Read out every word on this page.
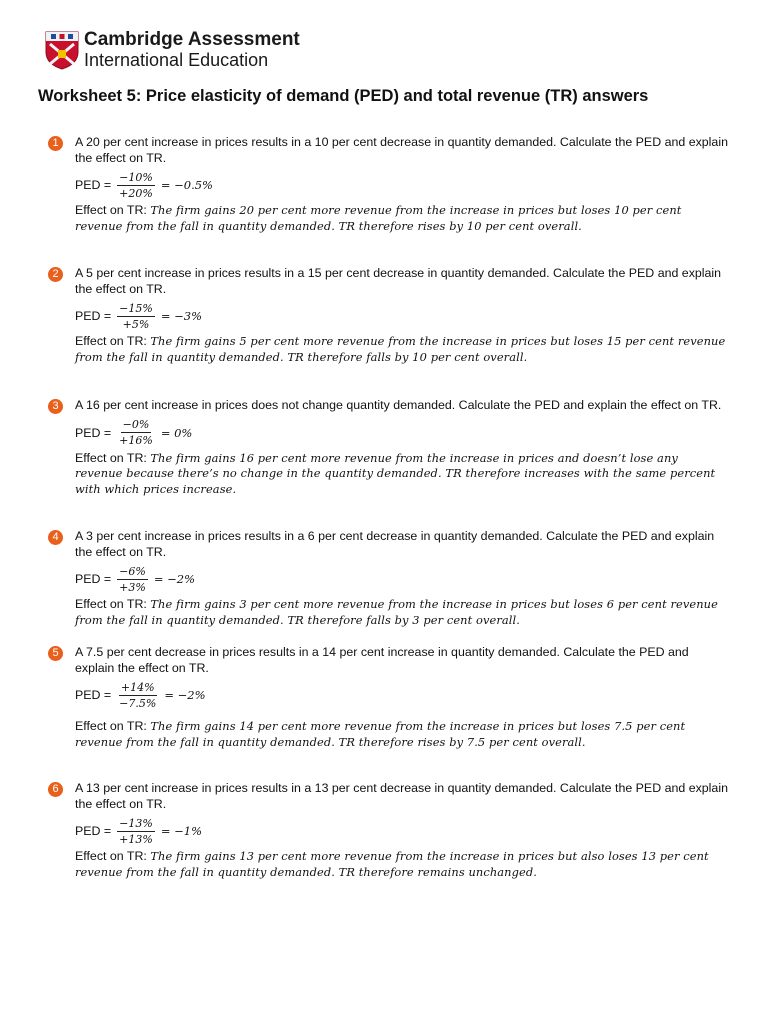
Cambridge Assessment
International Education
Worksheet 5: Price elasticity of demand (PED) and total revenue (TR) answers
1	A 20 per cent increase in prices results in a 10 per cent decrease in quantity demanded. Calculate the PED and explain the effect on TR.
PED = $\frac{-10\%}{+20\%} = -0.5\%$
Effect on TR: The firm gains 20 per cent more revenue from the increase in prices but loses 10 per cent revenue from the fall in quantity demanded. TR therefore rises by 10 per cent overall.
2	A 5 per cent increase in prices results in a 15 per cent decrease in quantity demanded. Calculate the PED and explain the effect on TR.
PED = $\frac{-15\%}{+5\%} = -3\%$
Effect on TR: The firm gains 5 per cent more revenue from the increase in prices but loses 15 per cent revenue from the fall in quantity demanded. TR therefore falls by 10 per cent overall.
3	A 16 per cent increase in prices does not change quantity demanded. Calculate the PED and explain the effect on TR.
PED = $\frac{-0\%}{+16\%} = 0\%$
Effect on TR: The firm gains 16 per cent more revenue from the increase in prices and doesn’t lose any revenue because there’s no change in the quantity demanded. TR therefore increases with the same percent with which prices increase.
4	A 3 per cent increase in prices results in a 6 per cent decrease in quantity demanded. Calculate the PED and explain the effect on TR.
PED = $\frac{-6\%}{+3\%} = -2\%$
Effect on TR: The firm gains 3 per cent more revenue from the increase in prices but loses 6 per cent revenue from the fall in quantity demanded. TR therefore falls by 3 per cent overall.
5	A 7.5 per cent decrease in prices results in a 14 per cent increase in quantity demanded. Calculate the PED and explain the effect on TR.
PED = $\frac{+14\%}{-7.5\%} = -2\%$
Effect on TR: The firm gains 14 per cent more revenue from the increase in prices but loses 7.5 per cent revenue from the fall in quantity demanded. TR therefore rises by 7.5 per cent overall.
6	A 13 per cent increase in prices results in a 13 per cent decrease in quantity demanded. Calculate the PED and explain the effect on TR.
PED = $\frac{-13\%}{+13\%} = -1\%$
Effect on TR: The firm gains 13 per cent more revenue from the increase in prices but also loses 13 per cent revenue from the fall in quantity demanded. TR therefore remains unchanged.
